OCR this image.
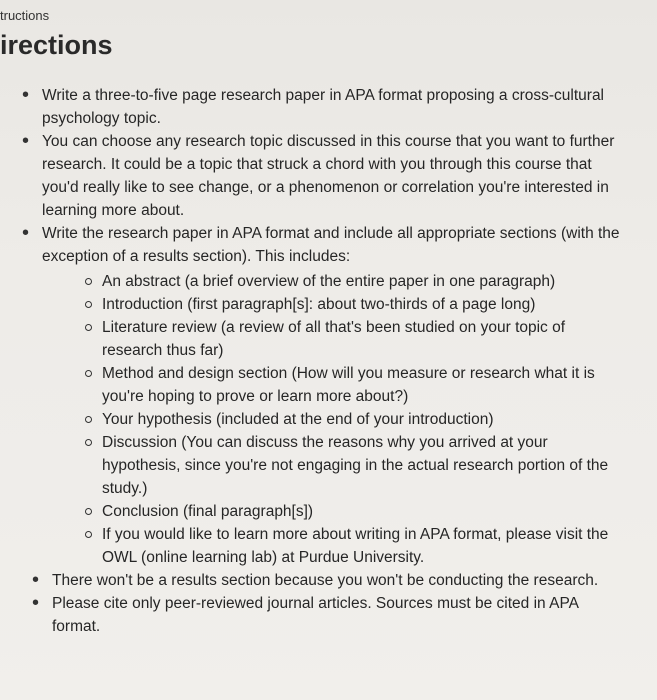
tructions
irections
• Write a three-to-five page research paper in APA format proposing a cross-cultural psychology topic.
• You can choose any research topic discussed in this course that you want to further research. It could be a topic that struck a chord with you through this course that you'd really like to see change, or a phenomenon or correlation you're interested in learning more about.
• Write the research paper in APA format and include all appropriate sections (with the exception of a results section). This includes:
An abstract (a brief overview of the entire paper in one paragraph)
Introduction (first paragraph[s]: about two-thirds of a page long)
Literature review (a review of all that's been studied on your topic of research thus far)
Method and design section (How will you measure or research what it is you're hoping to prove or learn more about?)
Your hypothesis (included at the end of your introduction)
Discussion (You can discuss the reasons why you arrived at your hypothesis, since you're not engaging in the actual research portion of the study.)
Conclusion (final paragraph[s])
If you would like to learn more about writing in APA format, please visit the OWL (online learning lab) at Purdue University.
• There won't be a results section because you won't be conducting the research.
• Please cite only peer-reviewed journal articles. Sources must be cited in APA format.
